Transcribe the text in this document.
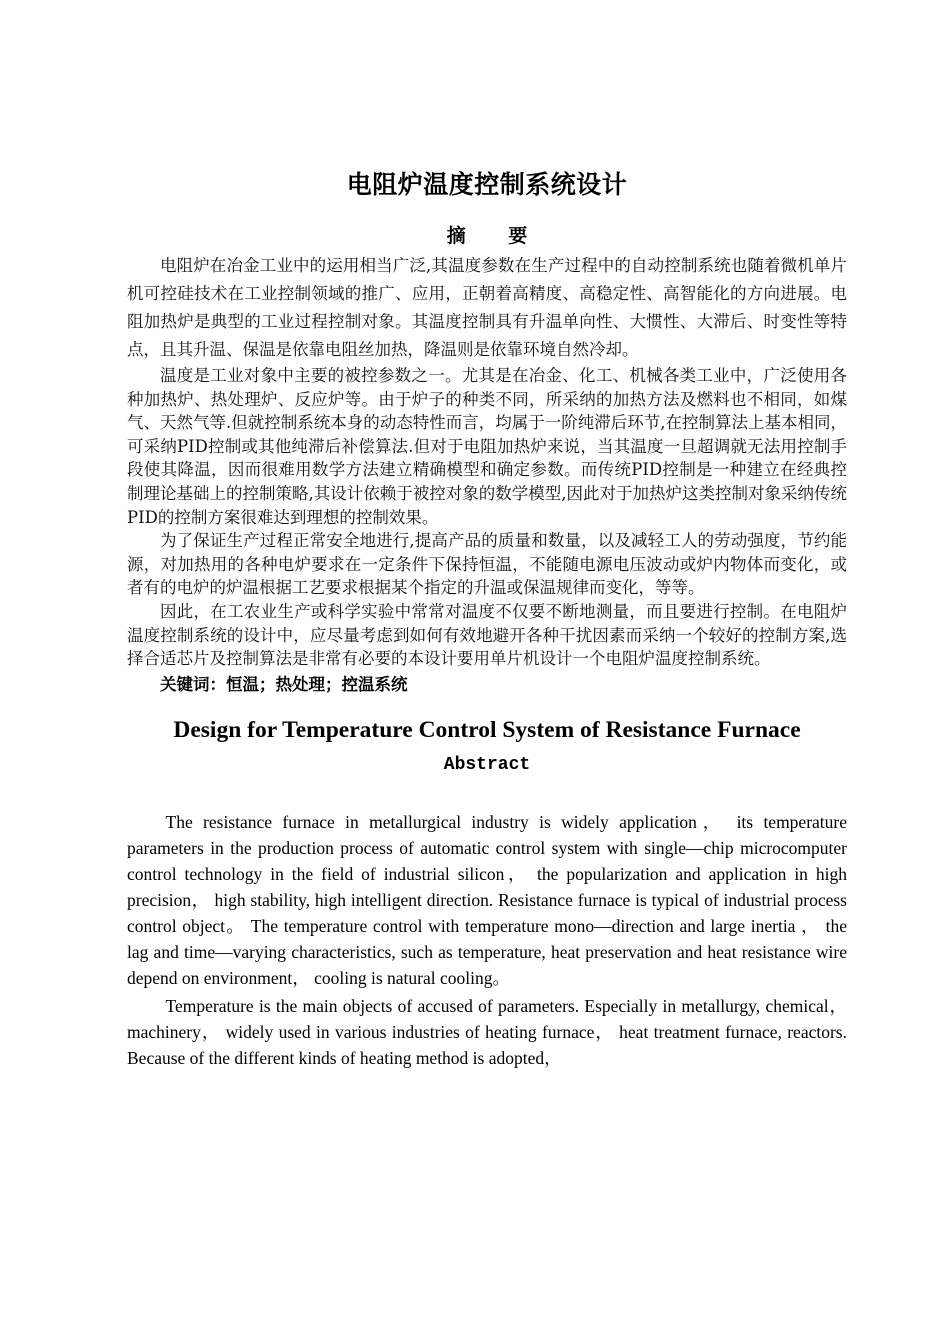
电阻炉温度控制系统设计
摘 要

电阻炉在冶金工业中的运用相当广泛,其温度参数在生产过程中的自动控制系统也随着微机单片机可控硅技术在工业控制领域的推广、应用，正朝着高精度、高稳定性、高智能化的方向进展。电阻加热炉是典型的工业过程控制对象。其温度控制具有升温单向性、大惯性、大滞后、时变性等特点，且其升温、保温是依靠电阻丝加热，降温则是依靠环境自然冷却。

温度是工业对象中主要的被控参数之一。尤其是在冶金、化工、机械各类工业中，广泛使用各种加热炉、热处理炉、反应炉等。由于炉子的种类不同，所采纳的加热方法及燃料也不相同，如煤气、天然气等.但就控制系统本身的动态特性而言，均属于一阶纯滞后环节,在控制算法上基本相同，可采纳PID控制或其他纯滞后补偿算法.但对于电阻加热炉来说，当其温度一旦超调就无法用控制手段使其降温，因而很难用数学方法建立精确模型和确定参数。而传统PID控制是一种建立在经典控制理论基础上的控制策略,其设计依赖于被控对象的数学模型,因此对于加热炉这类控制对象采纳传统PID的控制方案很难达到理想的控制效果。

为了保证生产过程正常安全地进行,提高产品的质量和数量，以及减轻工人的劳动强度，节约能源，对加热用的各种电炉要求在一定条件下保持恒温，不能随电源电压波动或炉内物体而变化，或者有的电炉的炉温根据工艺要求根据某个指定的升温或保温规律而变化，等等。

因此，在工农业生产或科学实验中常常对温度不仅要不断地测量，而且要进行控制。在电阻炉温度控制系统的设计中，应尽量考虑到如何有效地避开各种干扰因素而采纳一个较好的控制方案,选择合适芯片及控制算法是非常有必要的本设计要用单片机设计一个电阻炉温度控制系统。

关键词：恒温；热处理；控温系统

Design for Temperature Control System of Resistance Furnace
Abstract

The resistance furnace in metallurgical industry is widely application， its temperature parameters in the production process of automatic control system with single—chip microcomputer control technology in the field of industrial silicon， the popularization and application in high precision， high stability, high intelligent direction. Resistance furnace is typical of industrial process control object。 The temperature control with temperature mono—direction and large inertia ， the lag and time—varying characteristics, such as temperature, heat preservation and heat resistance wire depend on environment， cooling is natural cooling。

Temperature is the main objects of accused of parameters. Especially in metallurgy, chemical， machinery， widely used in various industries of heating furnace， heat treatment furnace, reactors. Because of the different kinds of heating method is adopted，
